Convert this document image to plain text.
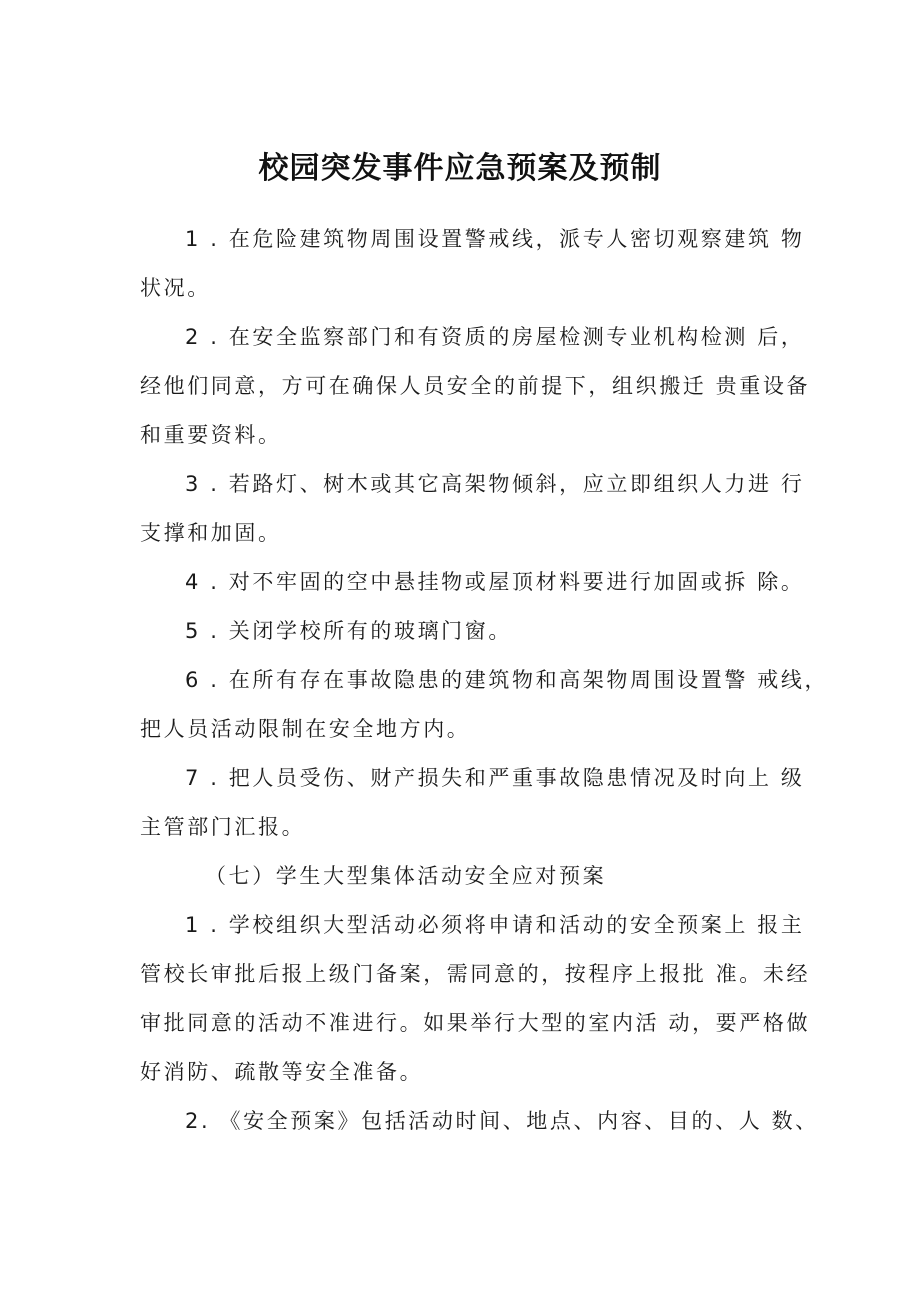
校园突发事件应急预案及预制
1 . 在危险建筑物周围设置警戒线，派专人密切观察建筑 物
状况。
2 . 在安全监察部门和有资质的房屋检测专业机构检测 后，
经他们同意，方可在确保人员安全的前提下，组织搬迁 贵重设备
和重要资料。
3 . 若路灯、树木或其它高架物倾斜，应立即组织人力进 行
支撑和加固。
4 . 对不牢固的空中悬挂物或屋顶材料要进行加固或拆 除。
5 . 关闭学校所有的玻璃门窗。
6 . 在所有存在事故隐患的建筑物和高架物周围设置警 戒线，
把人员活动限制在安全地方内。
7 . 把人员受伤、财产损失和严重事故隐患情况及时向上 级
主管部门汇报。
（七）学生大型集体活动安全应对预案
1 . 学校组织大型活动必须将申请和活动的安全预案上 报主
管校长审批后报上级门备案，需同意的，按程序上报批 准。未经
审批同意的活动不准进行。如果举行大型的室内活 动，要严格做
好消防、疏散等安全准备。
2. 《安全预案》包括活动时间、地点、内容、目的、人 数、
